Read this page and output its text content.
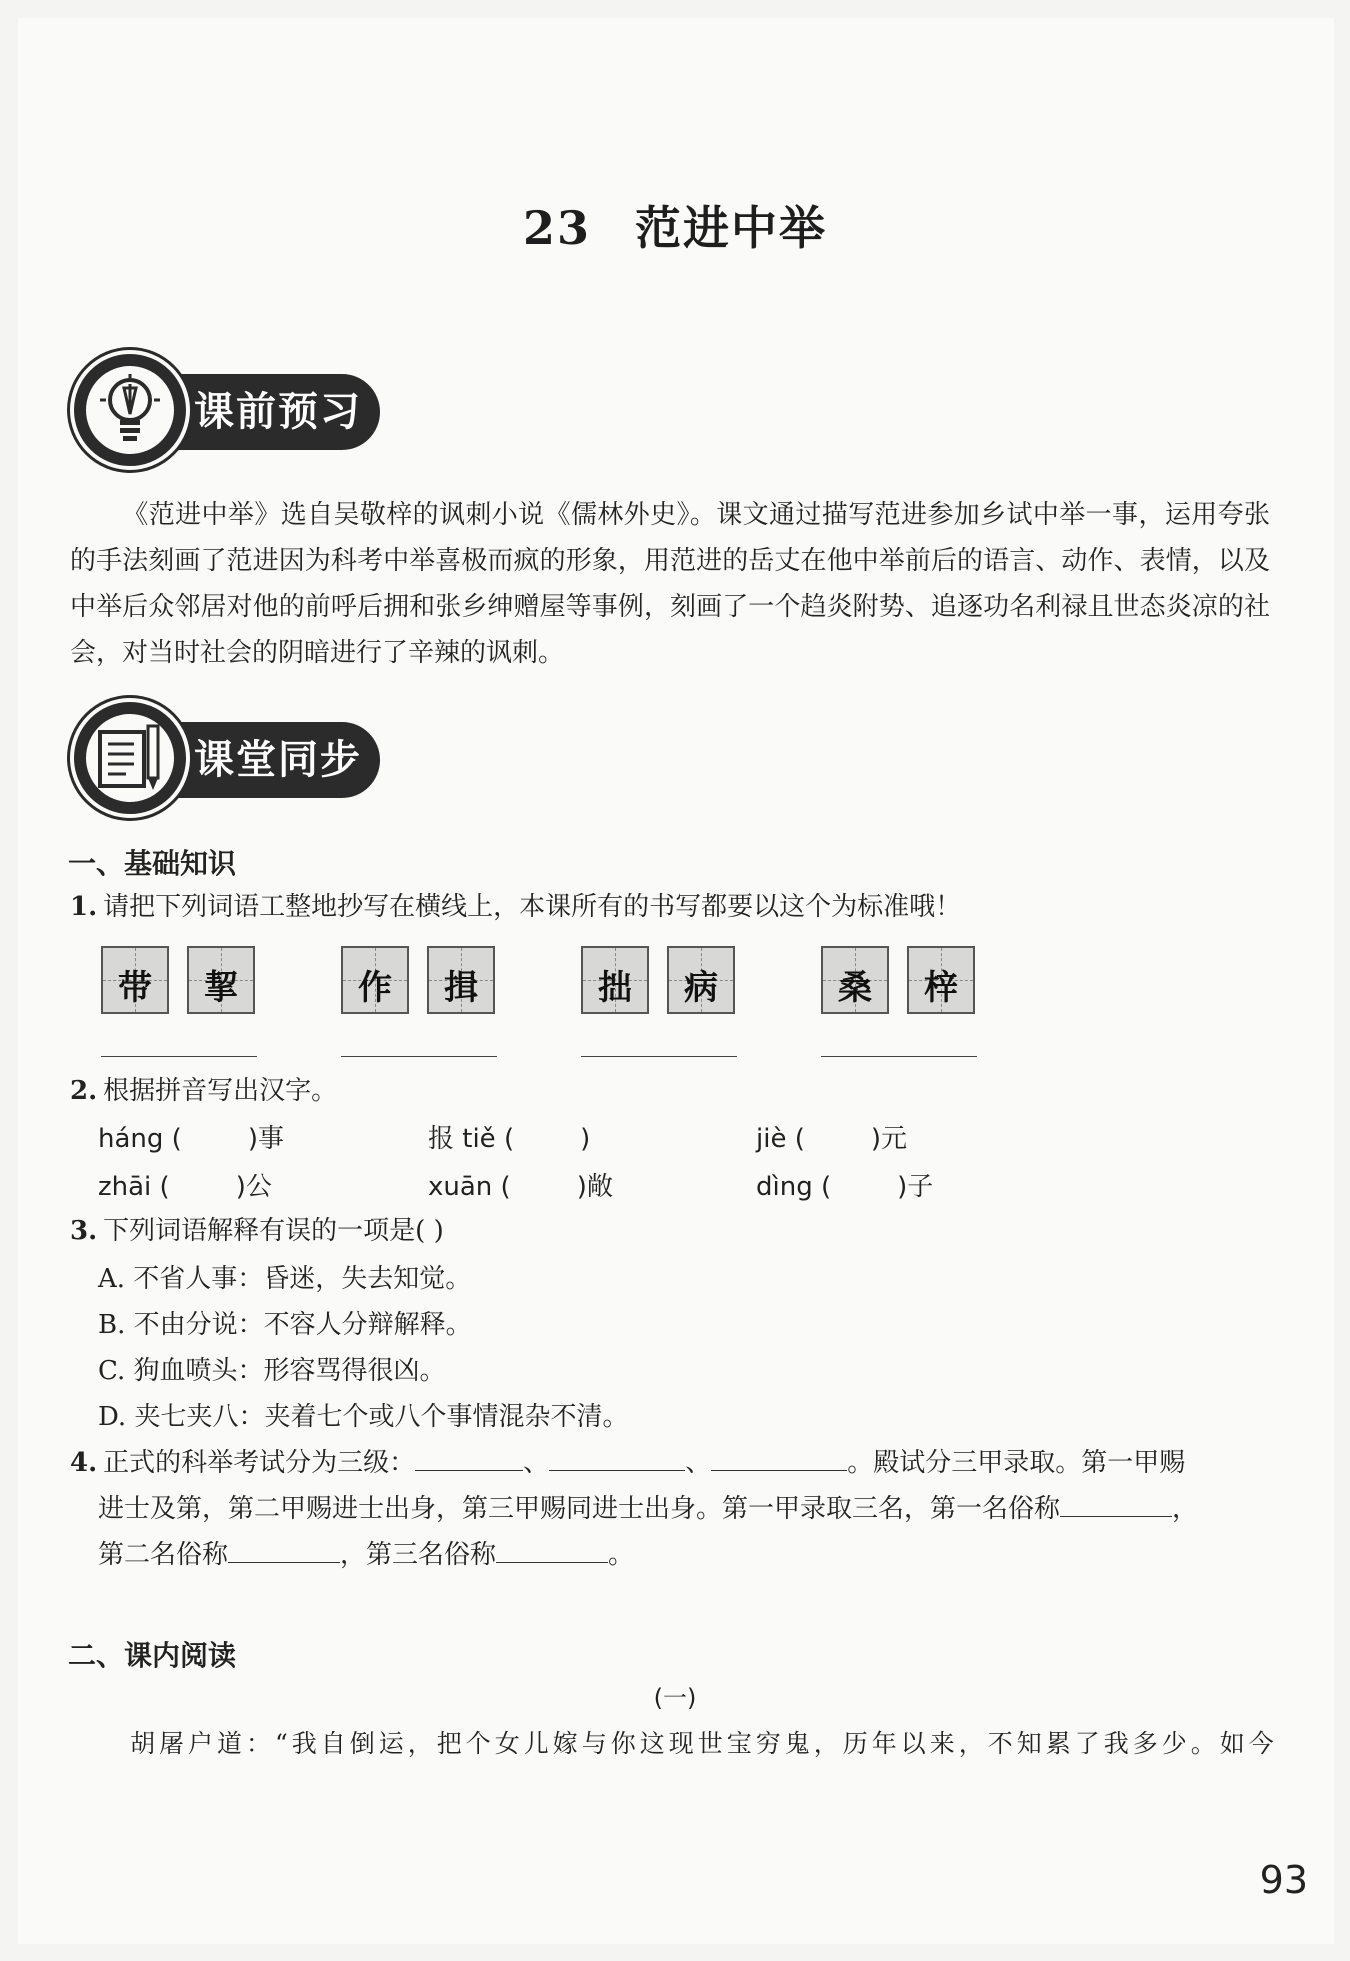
23 范进中举
课前预习
《范进中举》选自吴敬梓的讽刺小说《儒林外史》。课文通过描写范进参加乡试中举一事，运用夸张的手法刻画了范进因为科考中举喜极而疯的形象，用范进的岳丈在他中举前后的语言、动作、表情，以及中举后众邻居对他的前呼后拥和张乡绅赠屋等事例，刻画了一个趋炎附势、追逐功名利禄且世态炎凉的社会，对当时社会的阴暗进行了辛辣的讽刺。
课堂同步
一、基础知识
1. 请把下列词语工整地抄写在横线上，本课所有的书写都要以这个为标准哦！
带	挈	作	揖	拙	病	桑	梓
2. 根据拼音写出汉字。
háng (	)事	报 tiě (	)	jiè (	)元
zhāi (	)公	xuān (	)敞	dìng (	)子
3. 下列词语解释有误的一项是( )
A. 不省人事：昏迷，失去知觉。
B. 不由分说：不容人分辩解释。
C. 狗血喷头：形容骂得很凶。
D. 夹七夹八：夹着七个或八个事情混杂不清。
4. 正式的科举考试分为三级：	、	、	。殿试分三甲录取。第一甲赐
进士及第，第二甲赐进士出身，第三甲赐同进士出身。第一甲录取三名，第一名俗称	，
第二名俗称	，第三名俗称	。
二、课内阅读
(一)
胡屠户道：“我自倒运，把个女儿嫁与你这现世宝穷鬼，历年以来，不知累了我多少。如今
93
